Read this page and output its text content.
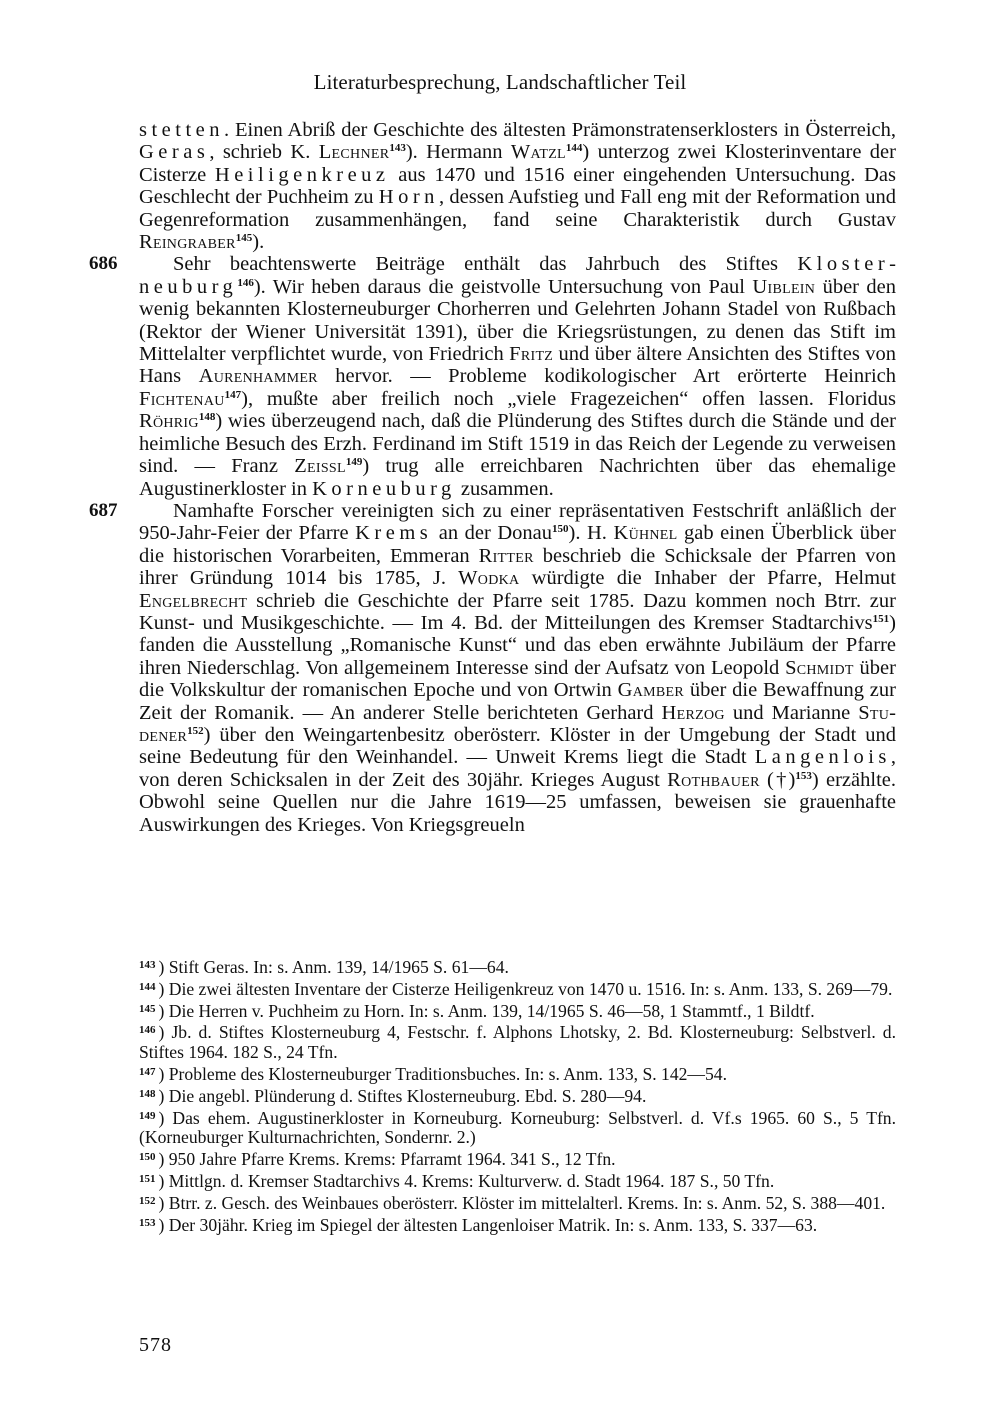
Literaturbesprechung, Landschaftlicher Teil

stetten. Einen Abriß der Geschichte des ältesten Prämonstratenserklosters in Österreich, Geras, schrieb K. Lechner$^{143}$). Hermann Watzl$^{144}$) unterzog zwei Klosterinventare der Cisterze Heiligenkreuz aus 1470 und 1516 einer eingehenden Untersuchung. Das Geschlecht der Puchheim zu Horn, dessen Aufstieg und Fall eng mit der Reformation und Gegenreformation zusammenhängen, fand seine Charakteristik durch Gustav Reingraber$^{145}$).

686	Sehr beachtenswerte Beiträge enthält das Jahrbuch des Stiftes Klosterneuburg$^{146}$). Wir heben daraus die geistvolle Untersuchung von Paul Uiblein über den wenig bekannten Klosterneuburger Chorherren und Gelehrten Johann Stadel von Rußbach (Rektor der Wiener Universität 1391), über die Kriegsrüstungen, zu denen das Stift im Mittelalter verpflichtet wurde, von Friedrich Fritz und über ältere Ansichten des Stiftes von Hans Aurenhammer hervor. — Probleme kodikologischer Art erörterte Heinrich Fichtenau$^{147}$), mußte aber freilich noch „viele Fragezeichen“ offen lassen. Floridus Röhrig$^{148}$) wies überzeugend nach, daß die Plünderung des Stiftes durch die Stände und der heimliche Besuch des Erzh. Ferdinand im Stift 1519 in das Reich der Legende zu verweisen sind. — Franz Zeissl$^{149}$) trug alle erreichbaren Nachrichten über das ehemalige Augustinerkloster in Korneuburg zusammen.

687	Namhafte Forscher vereinigten sich zu einer repräsentativen Festschrift anläßlich der 950-Jahr-Feier der Pfarre Krems an der Donau$^{150}$). H. Kühnel gab einen Überblick über die historischen Vorarbeiten, Emmeran Ritter beschrieb die Schicksale der Pfarren von ihrer Gründung 1014 bis 1785, J. Wodka würdigte die Inhaber der Pfarre, Helmut Engelbrecht schrieb die Geschichte der Pfarre seit 1785. Dazu kommen noch Btrr. zur Kunst- und Musikgeschichte. — Im 4. Bd. der Mitteilungen des Kremser Stadtarchivs$^{151}$) fanden die Ausstellung „Romanische Kunst“ und das eben erwähnte Jubiläum der Pfarre ihren Niederschlag. Von allgemeinem Interesse sind der Aufsatz von Leopold Schmidt über die Volkskultur der romanischen Epoche und von Ortwin Gamber über die Bewaffnung zur Zeit der Romanik. — An anderer Stelle berichteten Gerhard Herzog und Marianne Studener$^{152}$) über den Weingartenbesitz oberösterr. Klöster in der Umgebung der Stadt und seine Bedeutung für den Weinhandel. — Unweit Krems liegt die Stadt Langenlois, von deren Schicksalen in der Zeit des 30jähr. Krieges August Rothbauer (†)$^{153}$) erzählte. Obwohl seine Quellen nur die Jahre 1619—25 umfassen, beweisen sie grauenhafte Auswirkungen des Krieges. Von Kriegsgreueln

$^{143}$ ) Stift Geras. In: s. Anm. 139, 14/1965 S. 61—64.

$^{144}$ ) Die zwei ältesten Inventare der Cisterze Heiligenkreuz von 1470 u. 1516. In: s. Anm. 133, S. 269—79.

$^{145}$ ) Die Herren v. Puchheim zu Horn. In: s. Anm. 139, 14/1965 S. 46—58, 1 Stammtf., 1 Bildtf.

$^{146}$ ) Jb. d. Stiftes Klosterneuburg 4, Festschr. f. Alphons Lhotsky, 2. Bd. Klosterneuburg: Selbstverl. d. Stiftes 1964. 182 S., 24 Tfn.

$^{147}$ ) Probleme des Klosterneuburger Traditionsbuches. In: s. Anm. 133, S. 142—54.

$^{148}$ ) Die angebl. Plünderung d. Stiftes Klosterneuburg. Ebd. S. 280—94.

$^{149}$ ) Das ehem. Augustinerkloster in Korneuburg. Korneuburg: Selbstverl. d. Vf.s 1965. 60 S., 5 Tfn. (Korneuburger Kulturnachrichten, Sondernr. 2.)

$^{150}$ ) 950 Jahre Pfarre Krems. Krems: Pfarramt 1964. 341 S., 12 Tfn.

$^{151}$ ) Mittlgn. d. Kremser Stadtarchivs 4. Krems: Kulturverw. d. Stadt 1964. 187 S., 50 Tfn.

$^{152}$ ) Btrr. z. Gesch. des Weinbaues oberösterr. Klöster im mittelalterl. Krems. In: s. Anm. 52, S. 388—401.

$^{153}$ ) Der 30jähr. Krieg im Spiegel der ältesten Langenloiser Matrik. In: s. Anm. 133, S. 337—63.

578
